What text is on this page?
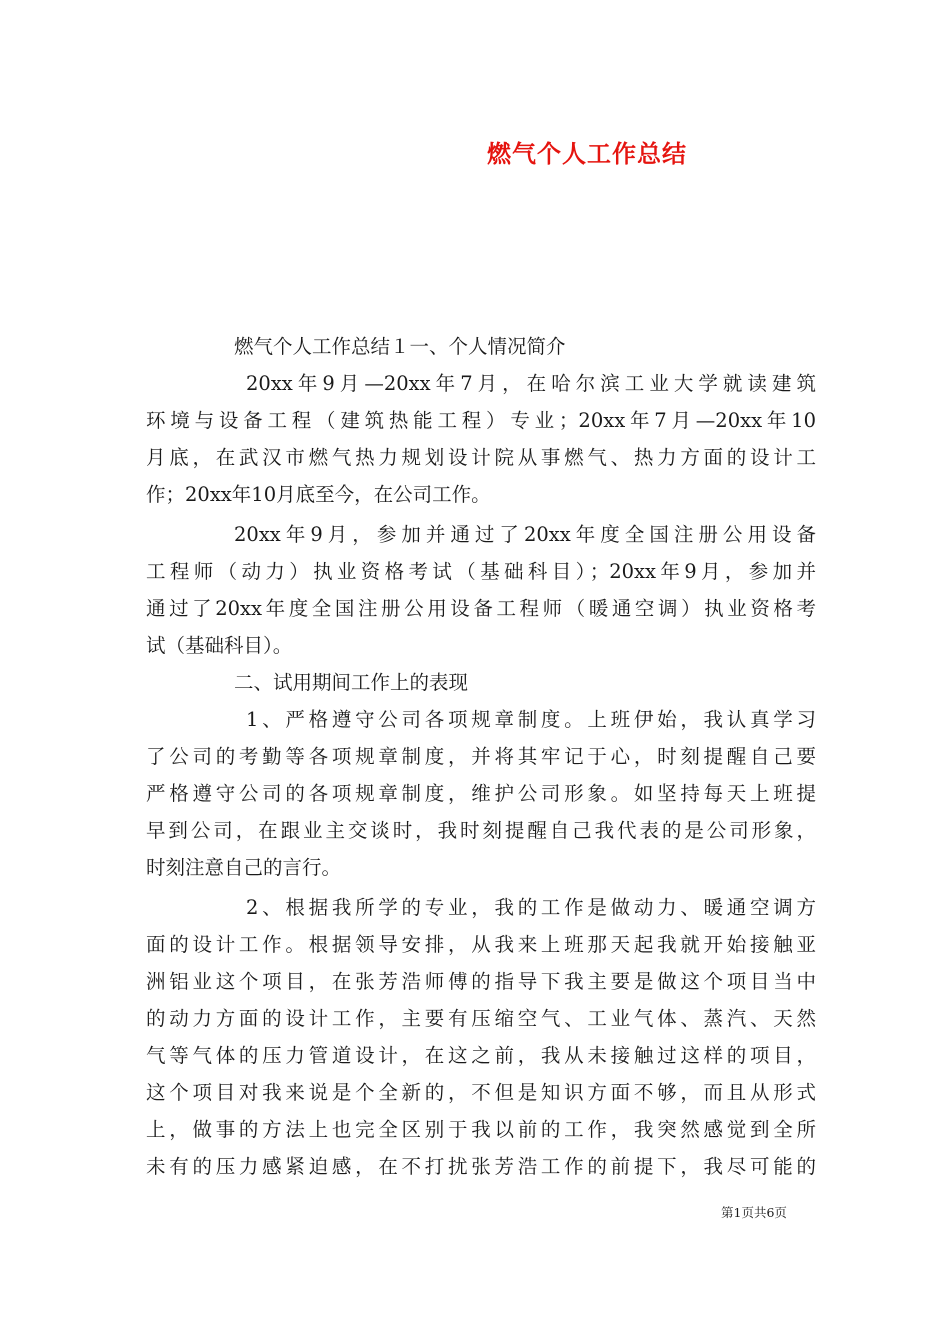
燃气个人工作总结
燃气个人工作总结１一、个人情况简介
20xx年9月—20xx年7月，在哈尔滨工业大学就读建筑
环境与设备工程（建筑热能工程）专业；20xx年7月—20xx年10
月底，在武汉市燃气热力规划设计院从事燃气、热力方面的设计工
作；20xx年10月底至今，在公司工作。
20xx年9月，参加并通过了20xx年度全国注册公用设备
工程师（动力）执业资格考试（基础科目）；20xx年9月，参加并
通过了20xx年度全国注册公用设备工程师（暖通空调）执业资格考
试（基础科目）。
二、试用期间工作上的表现
1、严格遵守公司各项规章制度。上班伊始，我认真学习
了公司的考勤等各项规章制度，并将其牢记于心，时刻提醒自己要
严格遵守公司的各项规章制度，维护公司形象。如坚持每天上班提
早到公司，在跟业主交谈时，我时刻提醒自己我代表的是公司形象，
时刻注意自己的言行。
2、根据我所学的专业，我的工作是做动力、暖通空调方
面的设计工作。根据领导安排，从我来上班那天起我就开始接触亚
洲铝业这个项目，在张芳浩师傅的指导下我主要是做这个项目当中
的动力方面的设计工作，主要有压缩空气、工业气体、蒸汽、天然
气等气体的压力管道设计，在这之前，我从未接触过这样的项目，
这个项目对我来说是个全新的，不但是知识方面不够，而且从形式
上，做事的方法上也完全区别于我以前的工作，我突然感觉到全所
未有的压力感紧迫感，在不打扰张芳浩工作的前提下，我尽可能的
第1页共6页
